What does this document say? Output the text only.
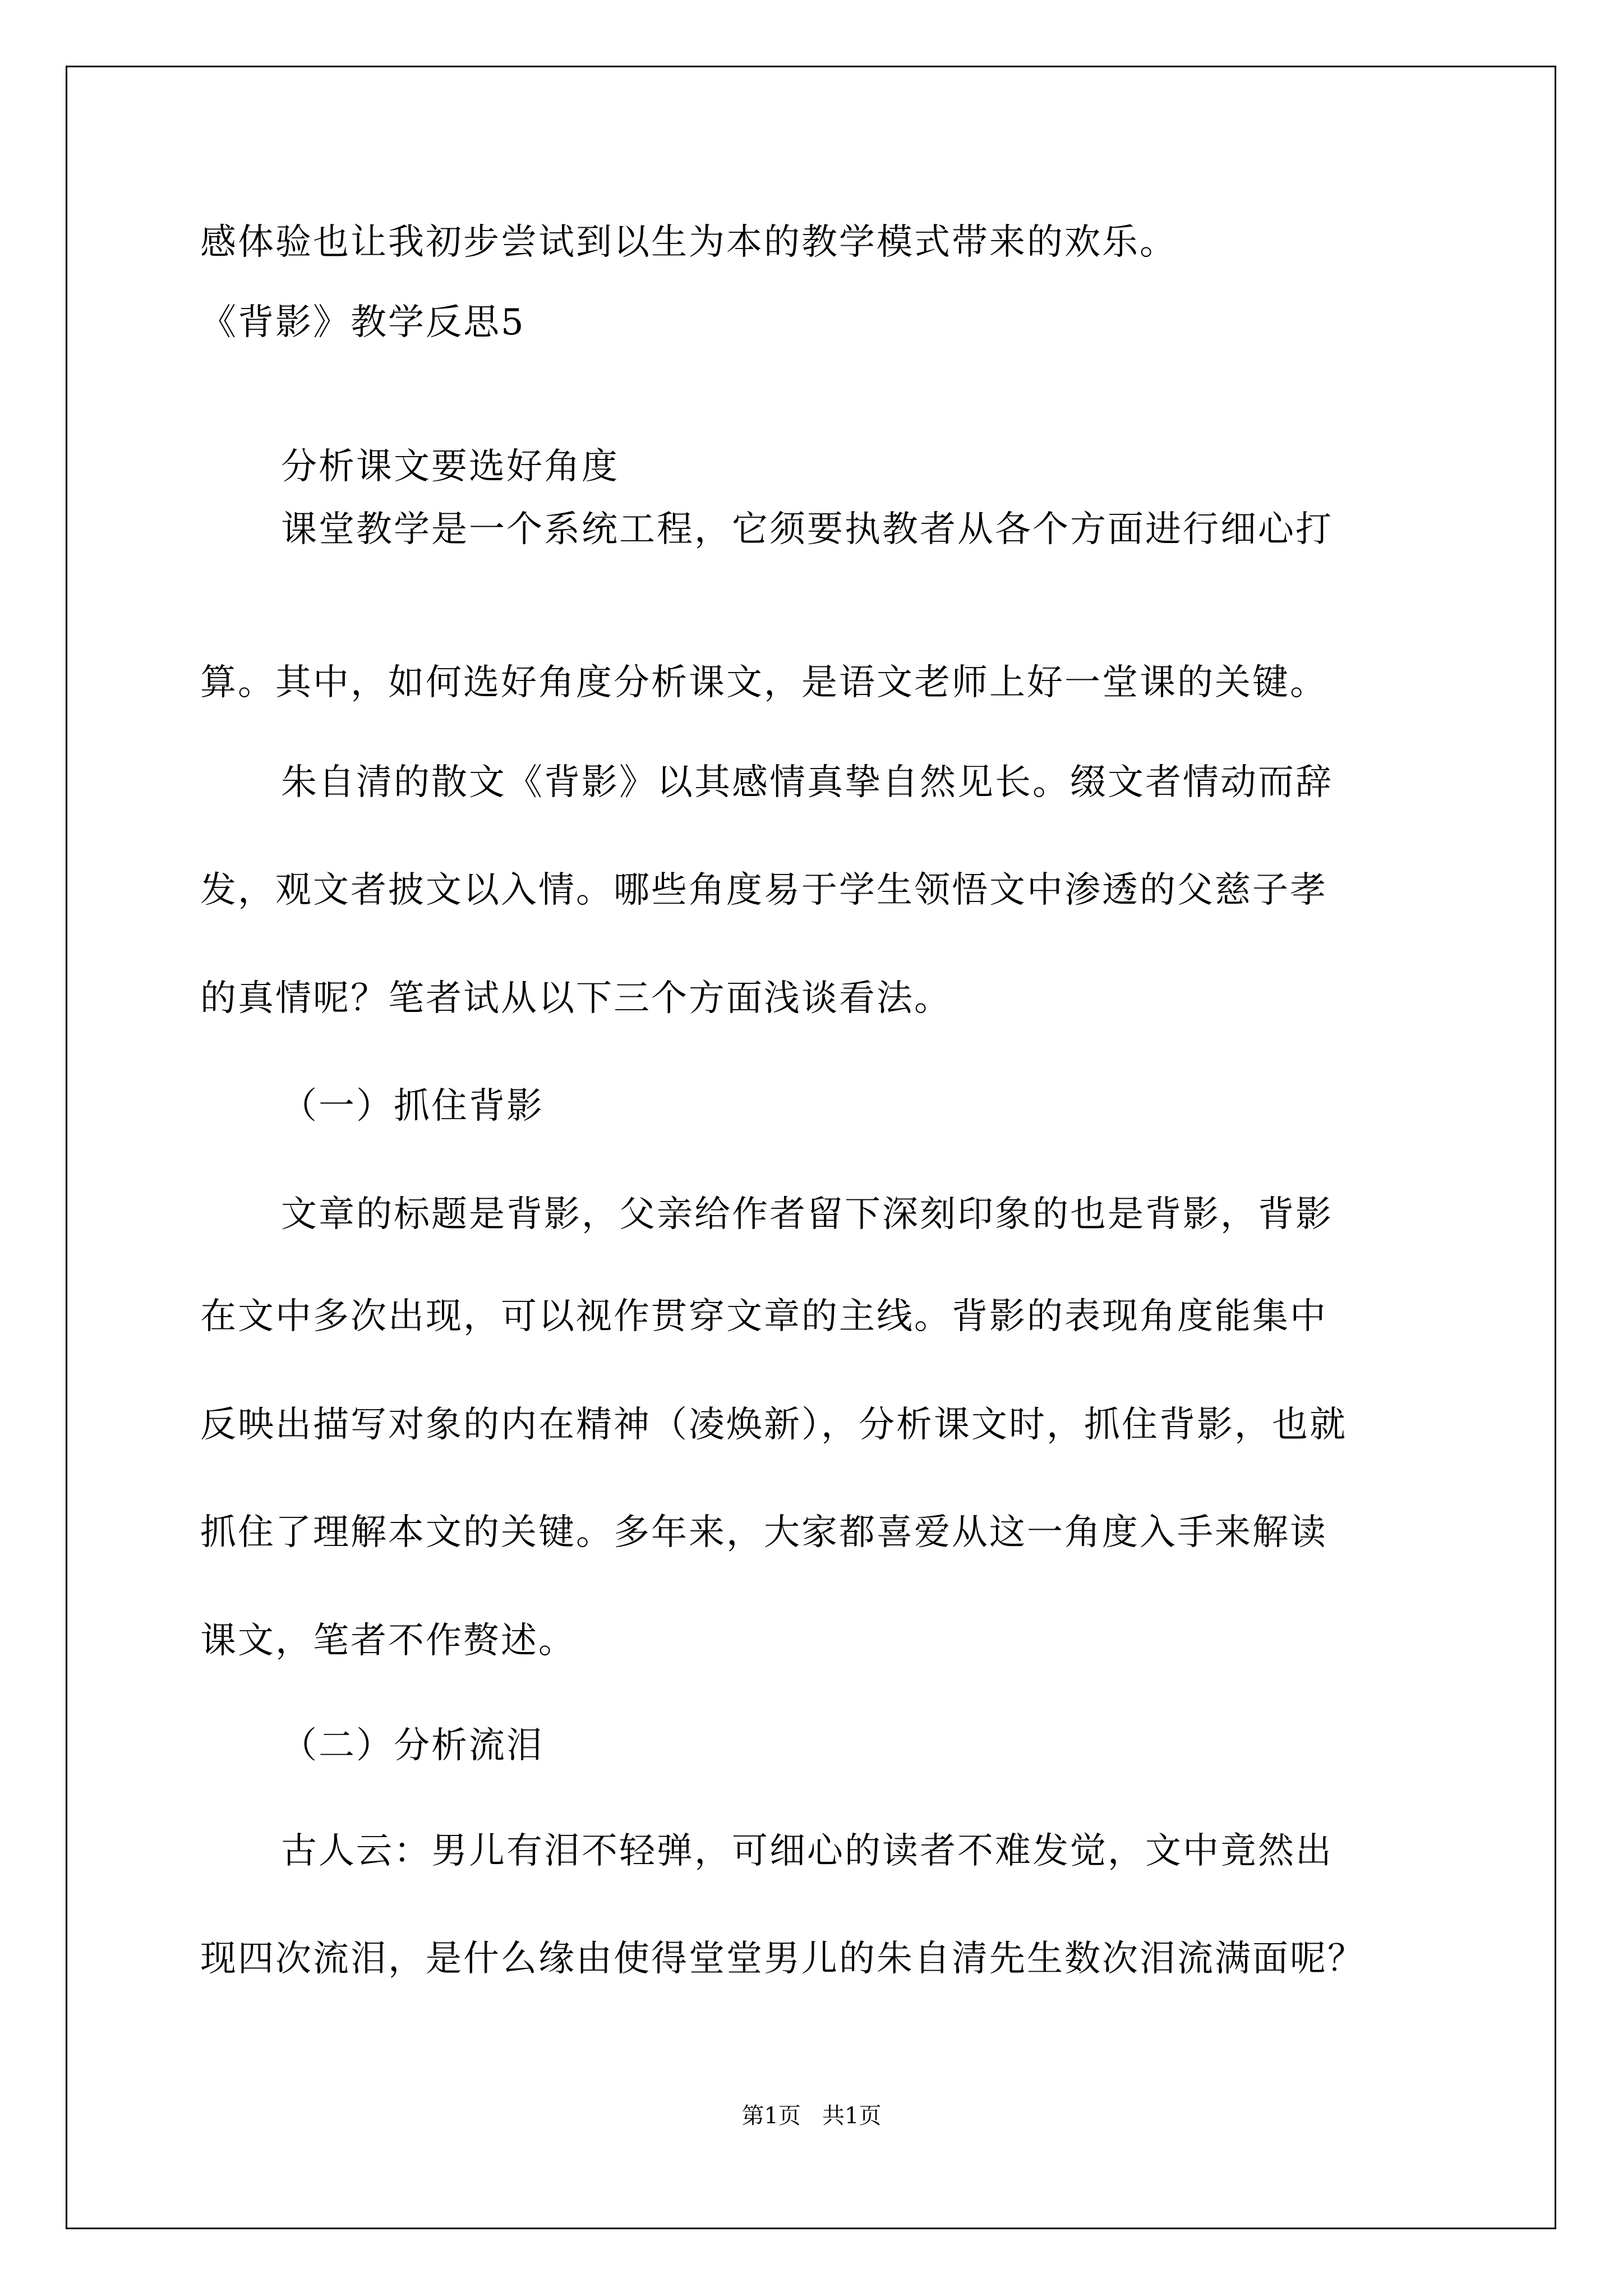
感体验也让我初步尝试到以生为本的教学模式带来的欢乐。
《背影》教学反思5
分析课文要选好角度
课堂教学是一个系统工程，它须要执教者从各个方面进行细心打
算。其中，如何选好角度分析课文，是语文老师上好一堂课的关键。
朱自清的散文《背影》以其感情真挚自然见长。缀文者情动而辞
发，观文者披文以入情。哪些角度易于学生领悟文中渗透的父慈子孝
的真情呢？笔者试从以下三个方面浅谈看法。
（一）抓住背影
文章的标题是背影，父亲给作者留下深刻印象的也是背影，背影
在文中多次出现，可以视作贯穿文章的主线。背影的表现角度能集中
反映出描写对象的内在精神（凌焕新），分析课文时，抓住背影，也就
抓住了理解本文的关键。多年来，大家都喜爱从这一角度入手来解读
课文，笔者不作赘述。
（二）分析流泪
古人云：男儿有泪不轻弹，可细心的读者不难发觉，文中竟然出
现四次流泪，是什么缘由使得堂堂男儿的朱自清先生数次泪流满面呢？
第1页   共1页
